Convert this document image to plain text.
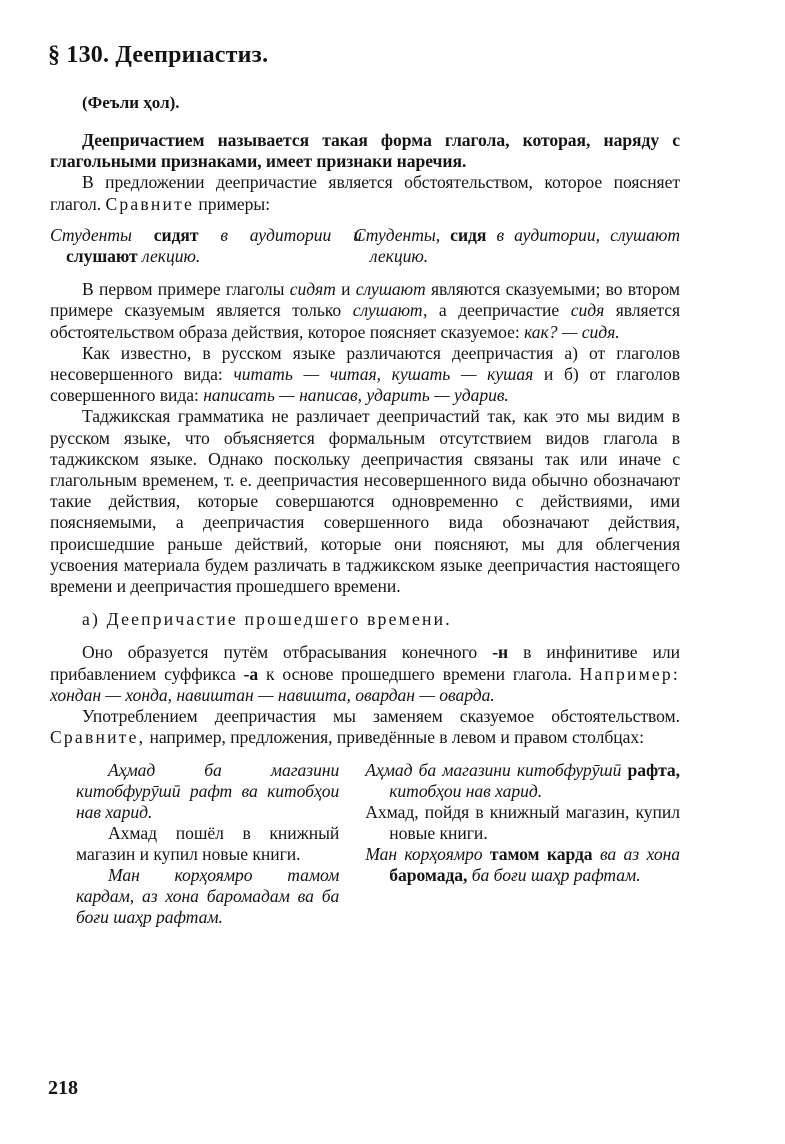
§ 130. Дееприıастиɜ.

(Феъли ҳол).

Деепричастием называется такая форма глагола, которая, наряду с глагольными признаками, имеет признаки наречия.

В предложении деепричастие является обстоятельством, которое поясняет глагол. Сравните примеры:

Студенты сидят в аудитории и слушают лекцию.
Студенты, сидя в аудитории, слушают лекцию.

В первом примере глаголы сидят и слушают являются сказуемыми; во втором примере сказуемым является только слушают, а деепричастие сидя является обстоятельством образа действия, которое поясняет сказуемое: как? — сидя.

Как известно, в русском языке различаются деепричастия а) от глаголов несовершенного вида: читать — читая, кушать — кушая и б) от глаголов совершенного вида: написать — написав, ударить — ударив.

Таджикская грамматика не различает деепричастий так, как это мы видим в русском языке, что объясняется формальным отсутствием видов глагола в таджикском языке. Однако поскольку деепричастия связаны так или иначе с глагольным временем, т. е. деепричастия несовершенного вида обычно обозначают такие действия, которые совершаются одновременно с действиями, ими поясняемыми, а деепричастия совершенного вида обозначают действия, происшедшие раньше действий, которые они поясняют, мы для облегчения усвоения материала будем различать в таджикском языке деепричастия настоящего времени и деепричастия прошедшего времени.

а) Деепричастие прошедшего времени.

Оно образуется путём отбрасывания конечного -н в инфинитиве или прибавлением суффикса -а к основе прошедшего времени глагола. Например: хондан — хонда, навиштан — навишта, овардан — оварда.

Употреблением деепричастия мы заменяем сказуемое обстоятельством. Сравните, например, предложения, приведённые в левом и правом столбцах:

Аҳмад ба магазини китобфурӯшӣ рафт ва китобҳои нав харид.

Ахмад пошёл в книжный магазин и купил новые книги.

Ман корҳоямро тамом кардам, аз хона баромадам ва ба боғи шаҳр рафтам.

Аҳмад ба магазини китобфурӯшӣ рафта, китобҳои нав харид.

Ахмад, пойдя в книжный магазин, купил новые книги.

Ман корҳоямро тамом карда ва аз хона баромада, ба боғи шаҳр рафтам.

218
